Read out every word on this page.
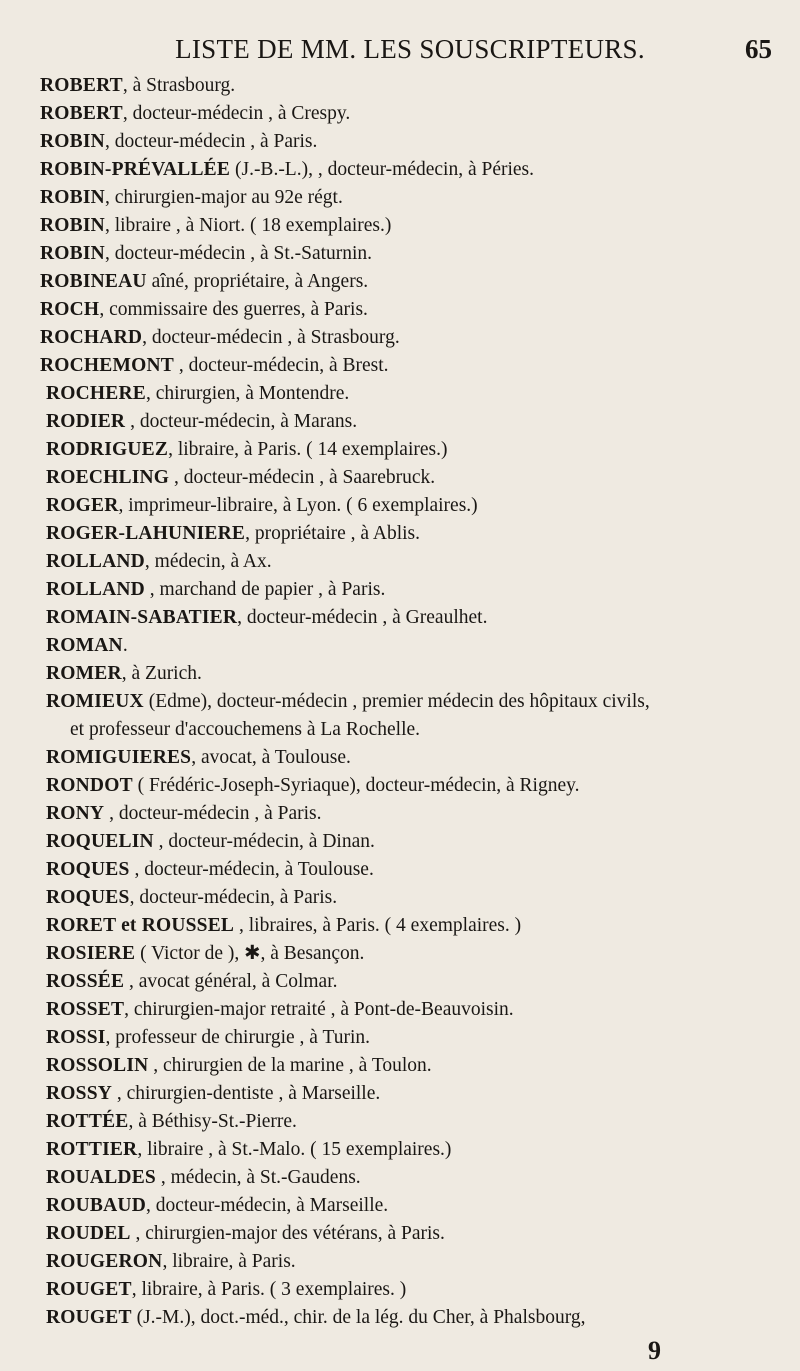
LISTE DE MM. LES SOUSCRIPTEURS.	65
ROBERT, à Strasbourg.
ROBERT, docteur-médecin , à Crespy.
ROBIN, docteur-médecin , à Paris.
ROBIN-PRÉVALLÉE (J.-B.-L.), , docteur-médecin, à Péries.
ROBIN, chirurgien-major au 92e régt.
ROBIN, libraire , à Niort. ( 18 exemplaires.)
ROBIN, docteur-médecin , à St.-Saturnin.
ROBINEAU aîné, propriétaire, à Angers.
ROCH, commissaire des guerres, à Paris.
ROCHARD, docteur-médecin , à Strasbourg.
ROCHEMONT , docteur-médecin, à Brest.
ROCHERE, chirurgien, à Montendre.
RODIER , docteur-médecin, à Marans.
RODRIGUEZ, libraire, à Paris. ( 14 exemplaires.)
ROECHLING , docteur-médecin , à Saarebruck.
ROGER, imprimeur-libraire, à Lyon. ( 6 exemplaires.)
ROGER-LAHUNIERE, propriétaire , à Ablis.
ROLLAND, médecin, à Ax.
ROLLAND , marchand de papier , à Paris.
ROMAIN-SABATIER, docteur-médecin , à Greaulhet.
ROMAN.
ROMER, à Zurich.
ROMIEUX (Edme), docteur-médecin , premier médecin des hôpitaux civils,
et professeur d'accouchemens à La Rochelle.
ROMIGUIERES, avocat, à Toulouse.
RONDOT ( Frédéric-Joseph-Syriaque), docteur-médecin, à Rigney.
RONY , docteur-médecin , à Paris.
ROQUELIN , docteur-médecin, à Dinan.
ROQUES , docteur-médecin, à Toulouse.
ROQUES, docteur-médecin, à Paris.
RORET et ROUSSEL , libraires, à Paris. ( 4 exemplaires. )
ROSIERE ( Victor de ), ✱, à Besançon.
ROSSÉE , avocat général, à Colmar.
ROSSET, chirurgien-major retraité , à Pont-de-Beauvoisin.
ROSSI, professeur de chirurgie , à Turin.
ROSSOLIN , chirurgien de la marine , à Toulon.
ROSSY , chirurgien-dentiste , à Marseille.
ROTTÉE, à Béthisy-St.-Pierre.
ROTTIER, libraire , à St.-Malo. ( 15 exemplaires.)
ROUALDES , médecin, à St.-Gaudens.
ROUBAUD, docteur-médecin, à Marseille.
ROUDEL , chirurgien-major des vétérans, à Paris.
ROUGERON, libraire, à Paris.
ROUGET, libraire, à Paris. ( 3 exemplaires. )
ROUGET (J.-M.), doct.-méd., chir. de la lég. du Cher, à Phalsbourg,
9
